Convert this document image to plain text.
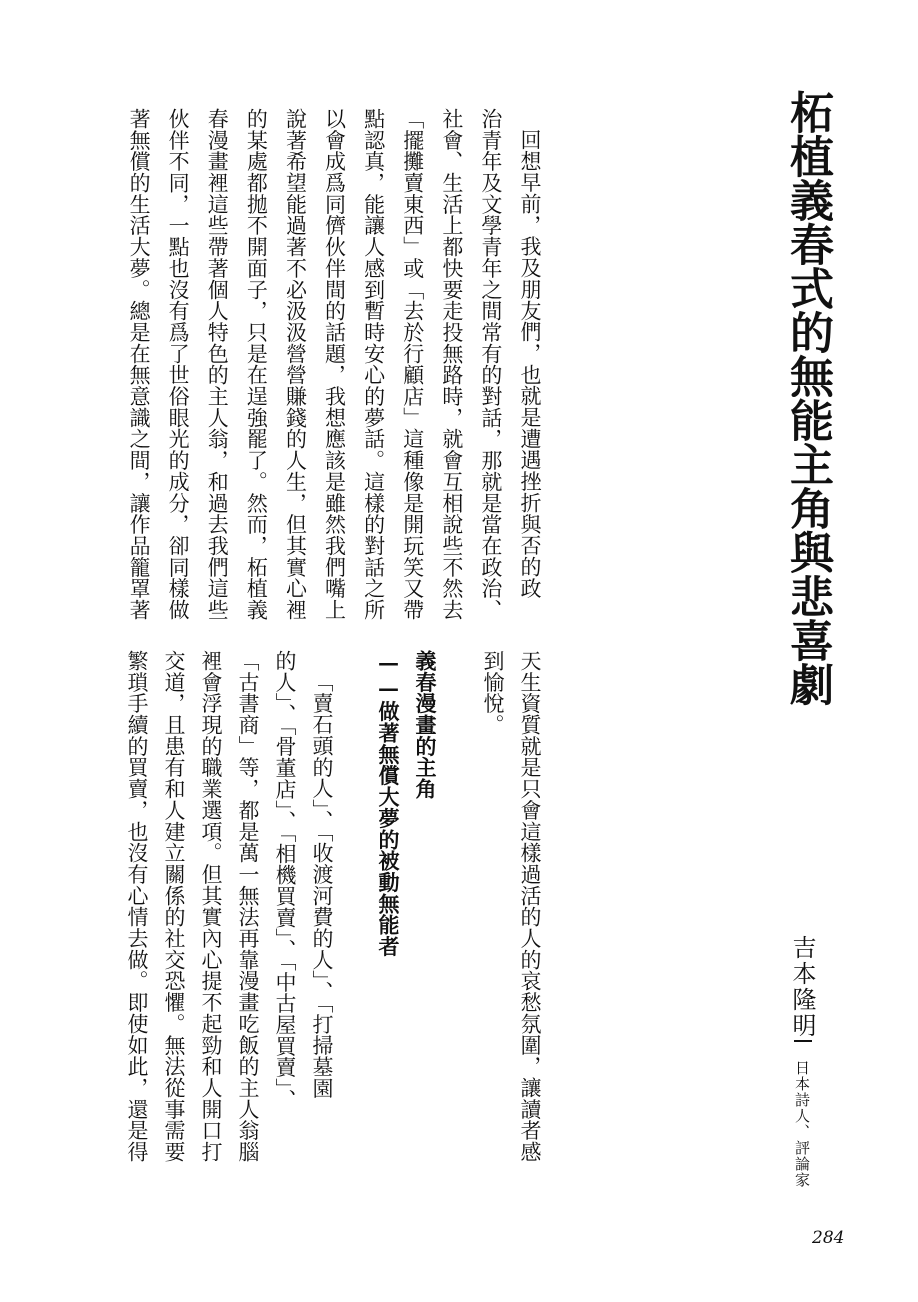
柘植義春式的無能主角與悲喜劇
吉本隆明
日本詩人、評論家
回想早前，我及朋友們，也就是遭遇挫折與否的政
治青年及文學青年之間常有的對話，那就是當在政治、
社會、生活上都快要走投無路時，就會互相說些不然去
「擺攤賣東西」或「去於行顧店」這種像是開玩笑又帶
點認真，能讓人感到暫時安心的夢話。這樣的對話之所
以會成爲同儕伙伴間的話題，我想應該是雖然我們嘴上
說著希望能過著不必汲汲營營賺錢的人生，但其實心裡
的某處都拋不開面子，只是在逞強罷了。然而，柘植義
春漫畫裡這些帶著個人特色的主人翁，和過去我們這些
伙伴不同，一點也沒有爲了世俗眼光的成分，卻同樣做
著無償的生活大夢。總是在無意識之間，讓作品籠罩著
天生資質就是只會這樣過活的人的哀愁氛圍，讓讀者感
到愉悅。
義春漫畫的主角
——做著無償大夢的被動無能者
「賣石頭的人」、「收渡河費的人」、「打掃墓園
的人」、「骨董店」、「相機買賣」、「中古屋買賣」、
「古書商」等，都是萬一無法再靠漫畫吃飯的主人翁腦
裡會浮現的職業選項。但其實內心提不起勁和人開口打
交道，且患有和人建立關係的社交恐懼。無法從事需要
繁瑣手續的買賣，也沒有心情去做。即使如此，還是得
284
